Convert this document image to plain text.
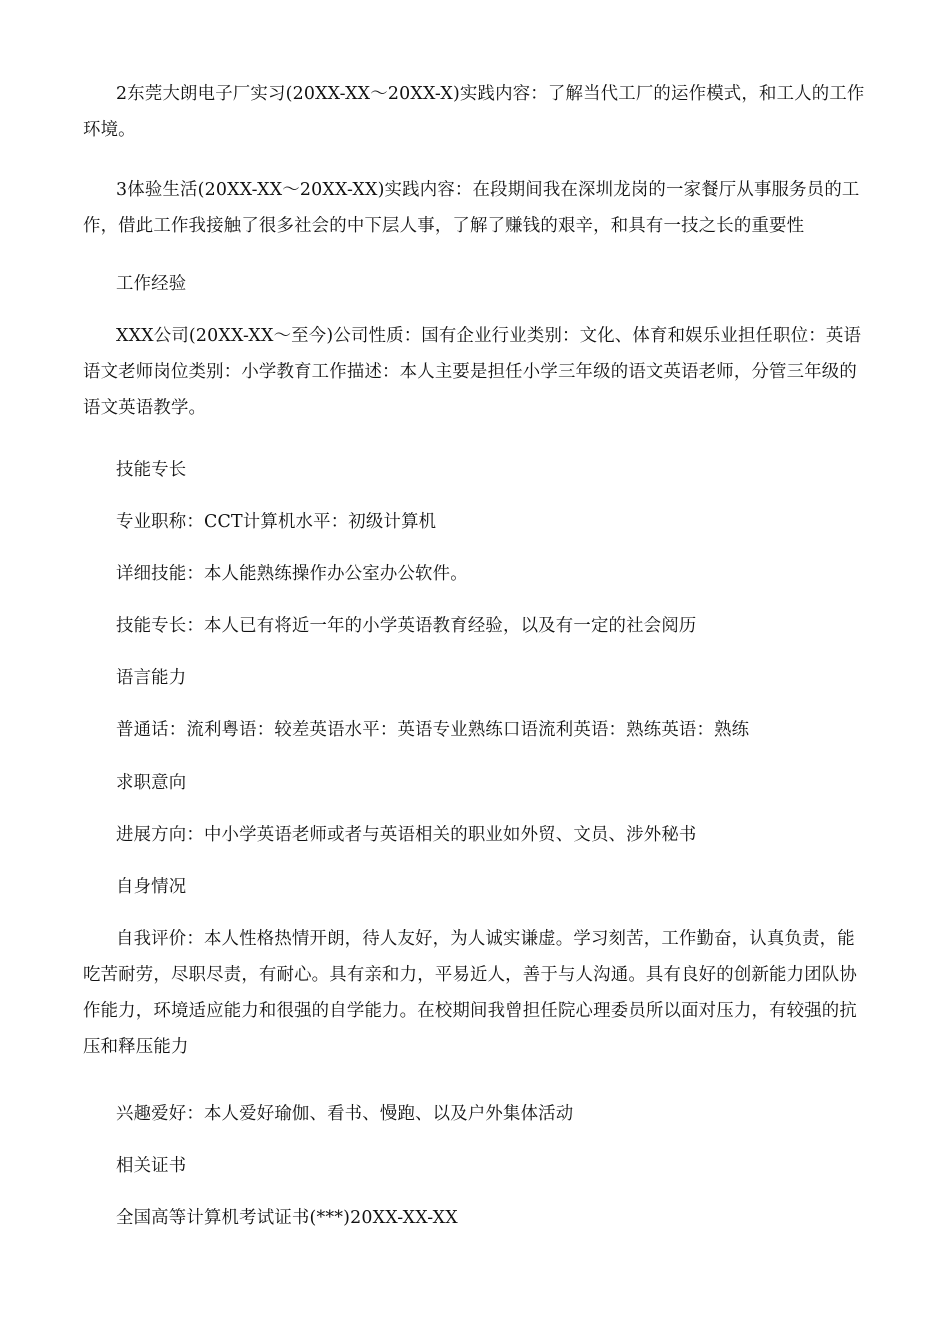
2东莞大朗电子厂实习(20XX-XX～20XX-X)实践内容：了解当代工厂的运作模式，和工人的工作环境。

3体验生活(20XX-XX～20XX-XX)实践内容：在段期间我在深圳龙岗的一家餐厅从事服务员的工作，借此工作我接触了很多社会的中下层人事，了解了赚钱的艰辛，和具有一技之长的重要性

工作经验

XXX公司(20XX-XX～至今)公司性质：国有企业行业类别：文化、体育和娱乐业担任职位：英语语文老师岗位类别：小学教育工作描述：本人主要是担任小学三年级的语文英语老师，分管三年级的语文英语教学。

技能专长

专业职称：CCT计算机水平：初级计算机

详细技能：本人能熟练操作办公室办公软件。

技能专长：本人已有将近一年的小学英语教育经验，以及有一定的社会阅历

语言能力

普通话：流利粤语：较差英语水平：英语专业熟练口语流利英语：熟练英语：熟练

求职意向

进展方向：中小学英语老师或者与英语相关的职业如外贸、文员、涉外秘书

自身情况

自我评价：本人性格热情开朗，待人友好，为人诚实谦虚。学习刻苦，工作勤奋，认真负责，能吃苦耐劳，尽职尽责，有耐心。具有亲和力，平易近人，善于与人沟通。具有良好的创新能力团队协作能力，环境适应能力和很强的自学能力。在校期间我曾担任院心理委员所以面对压力，有较强的抗压和释压能力

兴趣爱好：本人爱好瑜伽、看书、慢跑、以及户外集体活动

相关证书

全国高等计算机考试证书(***)20XX-XX-XX
